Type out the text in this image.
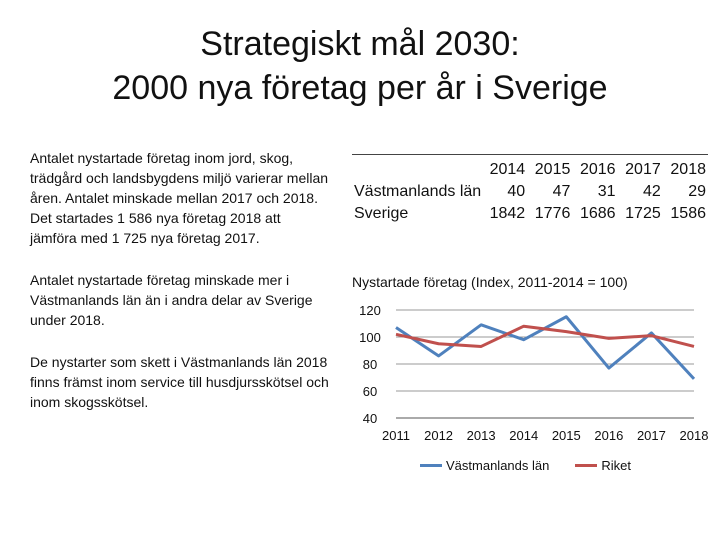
Strategiskt mål 2030:
2000 nya företag per år i Sverige

Antalet nystartade företag inom jord, skog, trädgård och landsbygdens miljö varierar mellan åren. Antalet minskade mellan 2017 och 2018. Det startades 1 586 nya företag 2018 att jämföra med 1 725 nya företag 2017.

Antalet nystartade företag minskade mer i Västmanlands län än i andra delar av Sverige under 2018.

De nystarter som skett i Västmanlands län 2018 finns främst inom service till husdjursskötsel och inom skogsskötsel.

	2014	2015	2016	2017	2018
Västmanlands län	40	47	31	42	29
Sverige	1842	1776	1686	1725	1586
Nystartade företag (Index, 2011-2014 = 100)
120
100
80
60
40
2011 2012 2013 2014 2015 2016 2017 2018
Västmanlands län	Riket
